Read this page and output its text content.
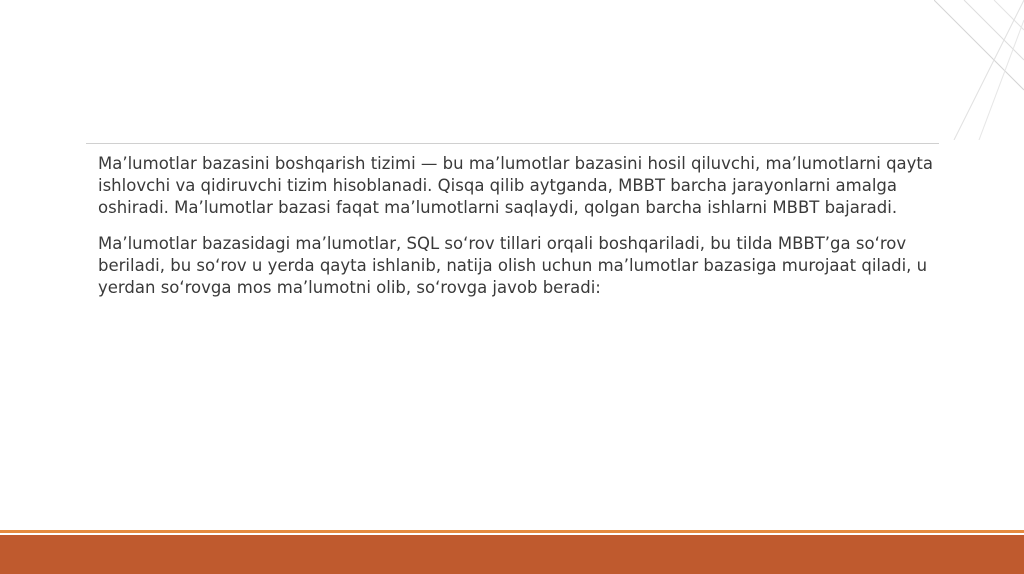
Ma’lumotlar bazasini boshqarish tizimi — bu ma’lumotlar bazasini hosil qiluvchi, ma’lumotlarni qayta ishlovchi va qidiruvchi tizim hisoblanadi. Qisqa qilib aytganda, MBBT barcha jarayonlarni amalga oshiradi. Ma’lumotlar bazasi faqat ma’lumotlarni saqlaydi, qolgan barcha ishlarni MBBT bajaradi.

Ma’lumotlar bazasidagi ma’lumotlar, SQL so‘rov tillari orqali boshqariladi, bu tilda MBBT’ga so‘rov beriladi, bu so‘rov u yerda qayta ishlanib, natija olish uchun ma’lumotlar bazasiga murojaat qiladi, u yerdan so‘rovga mos ma’lumotni olib, so‘rovga javob beradi:
